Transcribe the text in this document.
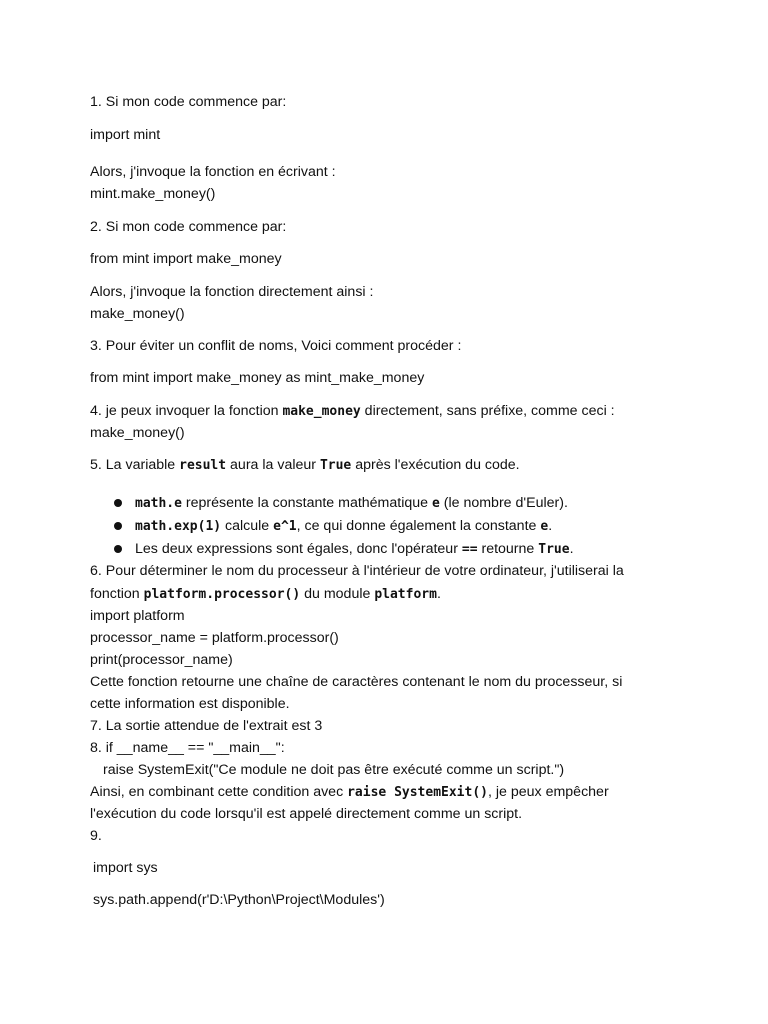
1. Si mon code commence par:
import mint
Alors, j'invoque la fonction en écrivant :
mint.make_money()
2. Si mon code commence par:
from mint import make_money
Alors, j'invoque la fonction directement ainsi :
make_money()
3. Pour éviter un conflit de noms, Voici comment procéder :
from mint import make_money as mint_make_money
4. je peux invoquer la fonction make_money directement, sans préfixe, comme ceci :
make_money()
5. La variable result aura la valeur True après l'exécution du code.
math.e représente la constante mathématique e (le nombre d'Euler).
math.exp(1) calcule e^1, ce qui donne également la constante e.
Les deux expressions sont égales, donc l'opérateur == retourne True.
6. Pour déterminer le nom du processeur à l'intérieur de votre ordinateur, j'utiliserai la
fonction platform.processor() du module platform.
import platform
processor_name = platform.processor()
print(processor_name)
Cette fonction retourne une chaîne de caractères contenant le nom du processeur, si
cette information est disponible.
7. La sortie attendue de l'extrait est 3
8. if __name__ == "__main__":
raise SystemExit("Ce module ne doit pas être exécuté comme un script.")
Ainsi, en combinant cette condition avec raise SystemExit(), je peux empêcher
l'exécution du code lorsqu'il est appelé directement comme un script.
9.
import sys
sys.path.append(r'D:\Python\Project\Modules')
